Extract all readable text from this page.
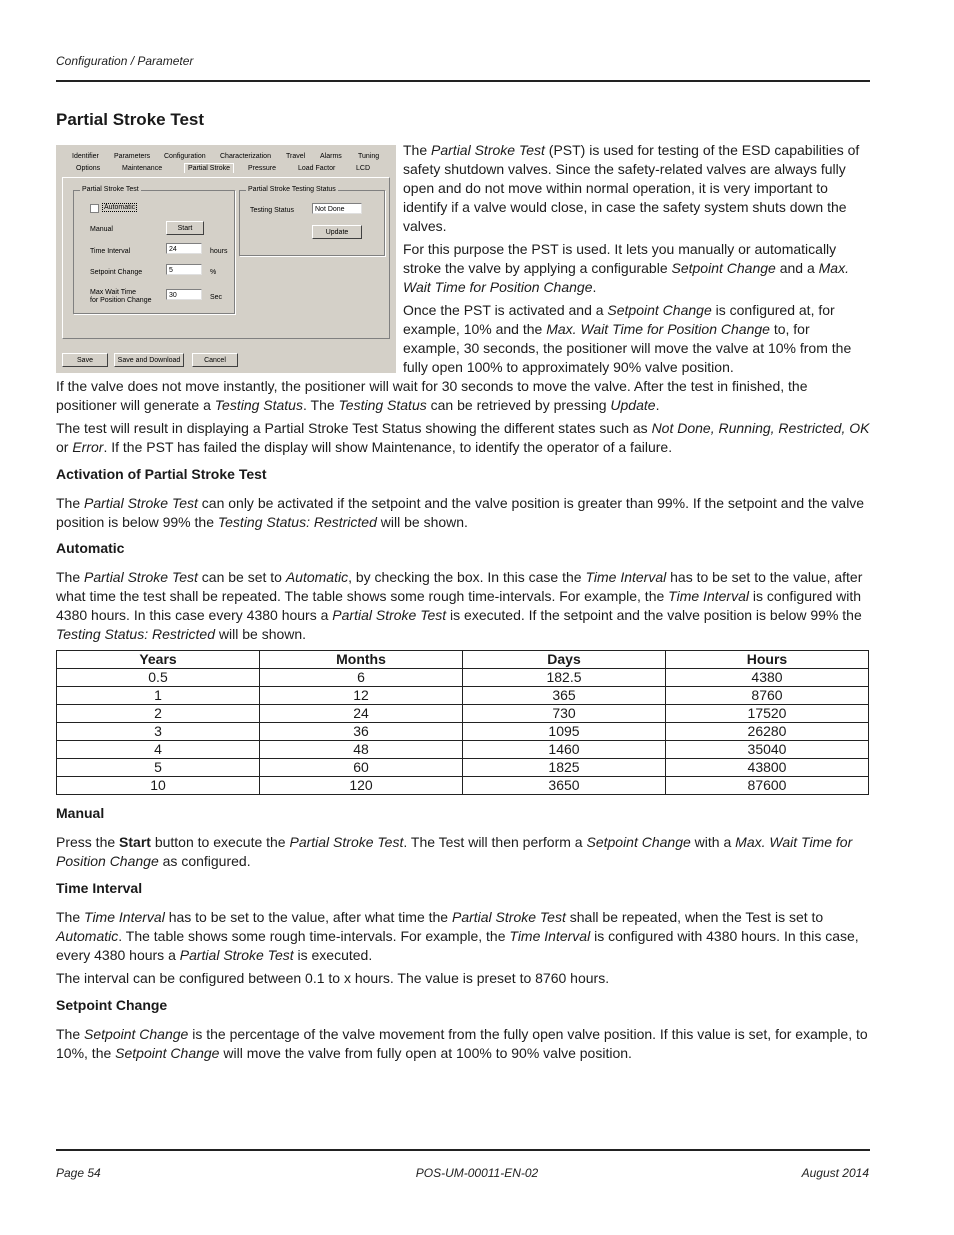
Configuration / Parameter
Partial Stroke Test
Identifier Parameters Configuration Characterization Travel Alarms Tuning
Options	Maintenance	Partial Stroke	Pressure	Load Factor	LCD
Partial Stroke Test
Automatic
Manual	Start
Time Interval	24	hours
Setpoint Change	5	%
Max Wait Time
for Position Change
30	Sec
Partial Stroke Testing Status
Testing Status	Not Done
Update
Save	Save and Download	Cancel

The Partial Stroke Test (PST) is used for testing of the ESD capabilities of safety shutdown valves. Since the safety-related valves are always fully open and do not move within normal operation, it is very important to identify if a valve would close, in case the safety system shuts down the valves.

For this purpose the PST is used. It lets you manually or automatically stroke the valve by applying a configurable Setpoint Change and a Max. Wait Time for Position Change.

Once the PST is activated and a Setpoint Change is configured at, for example, 10% and the Max. Wait Time for Position Change to, for example, 30 seconds, the positioner will move the valve at 10% from the fully open 100% to approximately 90% valve position.

If the valve does not move instantly, the positioner will wait for 30 seconds to move the valve. After the test in finished, the positioner will generate a Testing Status. The Testing Status can be retrieved by pressing Update.

The test will result in displaying a Partial Stroke Test Status showing the different states such as Not Done, Running, Restricted, OK or Error. If the PST has failed the display will show Maintenance, to identify the operator of a failure.

Activation of Partial Stroke Test

The Partial Stroke Test can only be activated if the setpoint and the valve position is greater than 99%. If the setpoint and the valve position is below 99% the Testing Status: Restricted will be shown.

Automatic

The Partial Stroke Test can be set to Automatic, by checking the box. In this case the Time Interval has to be set to the value, after what time the test shall be repeated. The table shows some rough time-intervals. For example, the Time Interval is configured with 4380 hours. In this case every 4380 hours a Partial Stroke Test is executed. If the setpoint and the valve position is below 99% the Testing Status: Restricted will be shown.

Years	Months	Days	Hours
0.5	6	182.5	4380
1	12	365	8760
2	24	730	17520
3	36	1095	26280
4	48	1460	35040
5	60	1825	43800
10	120	3650	87600
Manual

Press the Start button to execute the Partial Stroke Test. The Test will then perform a Setpoint Change with a Max. Wait Time for Position Change as configured.

Time Interval

The Time Interval has to be set to the value, after what time the Partial Stroke Test shall be repeated, when the Test is set to Automatic. The table shows some rough time-intervals. For example, the Time Interval is configured with 4380 hours. In this case, every 4380 hours a Partial Stroke Test is executed.

The interval can be configured between 0.1 to x hours. The value is preset to 8760 hours.

Setpoint Change

The Setpoint Change is the percentage of the valve movement from the fully open valve position. If this value is set, for example, to 10%, the Setpoint Change will move the valve from fully open at 100% to 90% valve position.

Page 54	POS-UM-00011-EN-02	August 2014
